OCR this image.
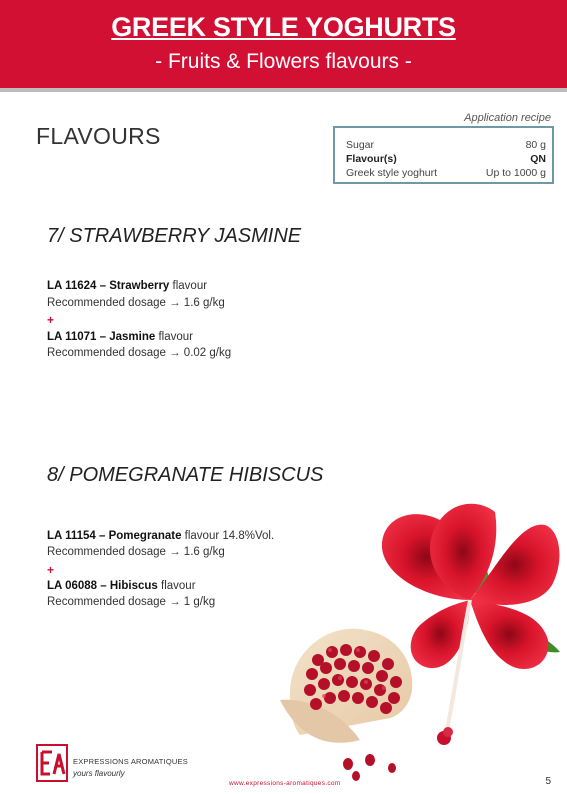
GREEK STYLE YOGHURTS
- Fruits & Flowers flavours -
FLAVOURS
Application recipe
Sugar	80 g
Flavour(s)	QN
Greek style yoghurt	Up to 1000 g
7/ STRAWBERRY JASMINE
LA 11624 – Strawberry flavour
Recommended dosage → 1.6 g/kg
+
LA 11071 – Jasmine flavour
Recommended dosage → 0.02 g/kg
8/ POMEGRANATE HIBISCUS
LA 11154 – Pomegranate flavour 14.8%Vol.
Recommended dosage → 1.6 g/kg
+
LA 06088 – Hibiscus flavour
Recommended dosage → 1 g/kg
EXPRESSIONS AROMATIQUES
yours flavourly
www.expressions-aromatiques.com	5
